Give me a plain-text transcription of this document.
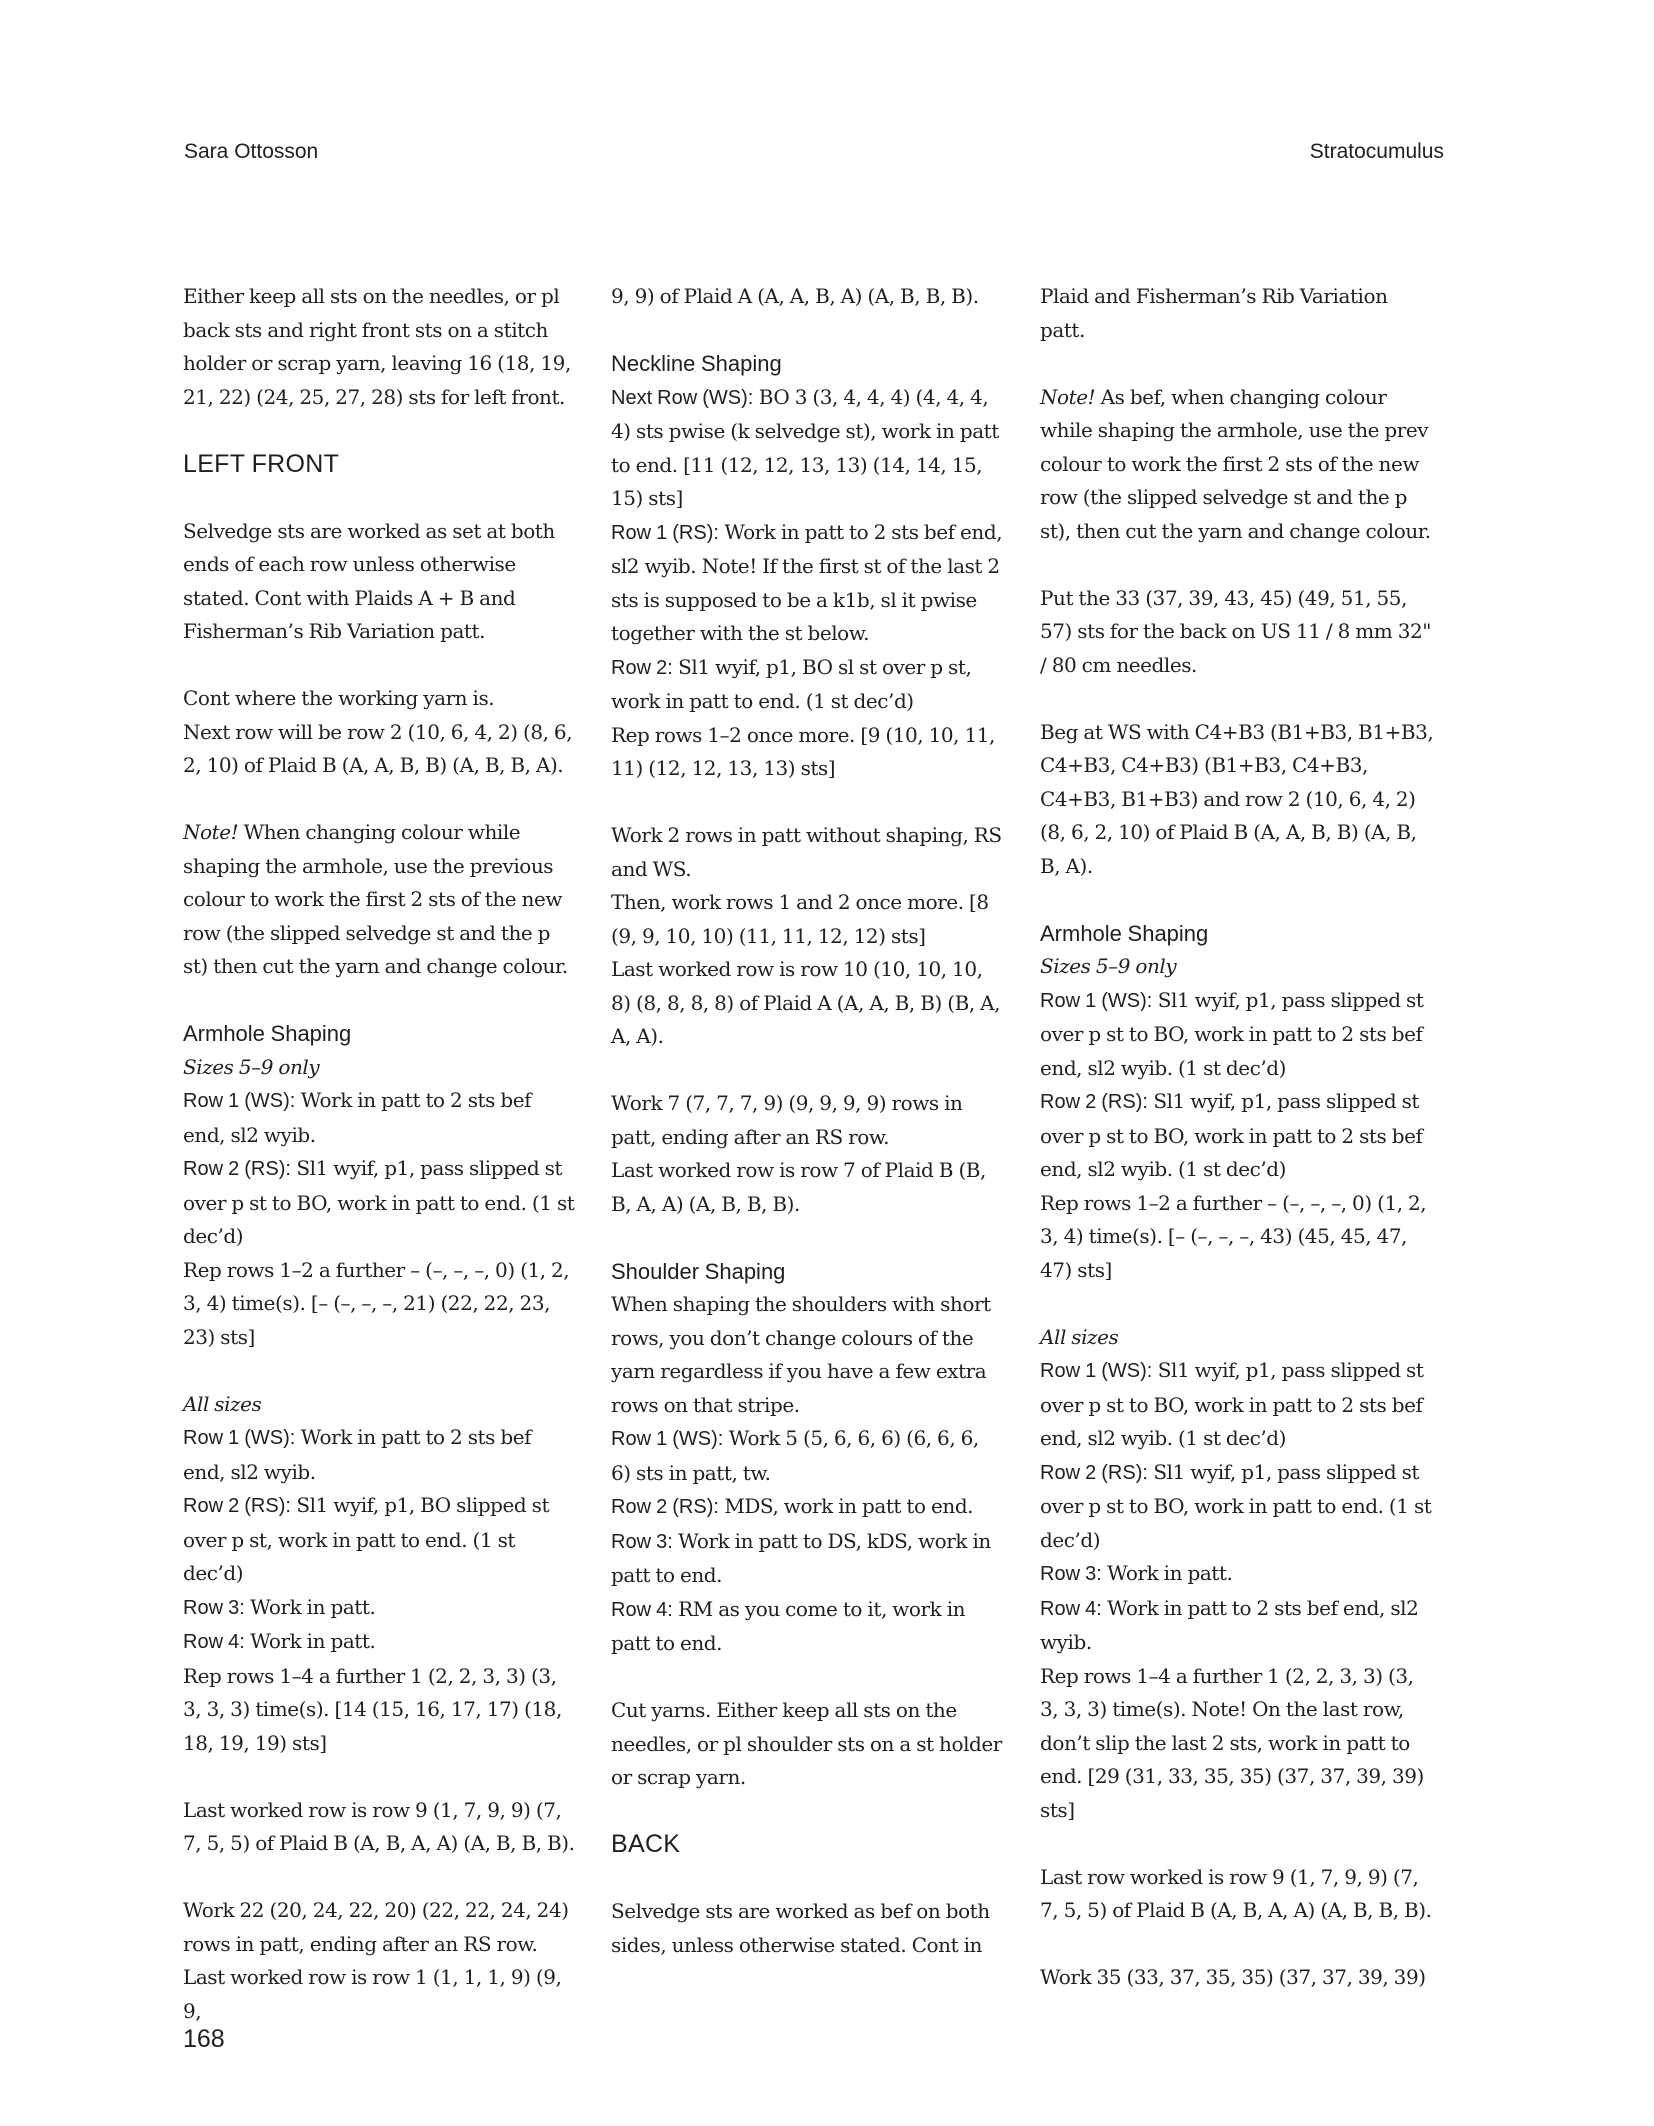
Sara Ottosson	Stratocumulus

Either keep all sts on the needles, or pl back sts and right front sts on a stitch holder or scrap yarn, leaving 16 (18, 19, 21, 22) (24, 25, 27, 28) sts for left front.

LEFT FRONT

Selvedge sts are worked as set at both ends of each row unless otherwise stated. Cont with Plaids A + B and Fisherman’s Rib Variation patt.

Cont where the working yarn is.

Next row will be row 2 (10, 6, 4, 2) (8, 6, 2, 10) of Plaid B (A, A, B, B) (A, B, B, A).

Note! When changing colour while shaping the armhole, use the previous colour to work the first 2 sts of the new row (the slipped selvedge st and the p st) then cut the yarn and change colour.

Armhole Shaping

Sizes 5–9 only

Row 1 (WS): Work in patt to 2 sts bef end, sl2 wyib.

Row 2 (RS): Sl1 wyif, p1, pass slipped st over p st to BO, work in patt to end. (1 st dec’d)

Rep rows 1–2 a further – (–, –, –, 0) (1, 2, 3, 4) time(s). [– (–, –, –, 21) (22, 22, 23, 23) sts]

All sizes

Row 1 (WS): Work in patt to 2 sts bef end, sl2 wyib.

Row 2 (RS): Sl1 wyif, p1, BO slipped st over p st, work in patt to end. (1 st dec’d)

Row 3: Work in patt.

Row 4: Work in patt.

Rep rows 1–4 a further 1 (2, 2, 3, 3) (3, 3, 3, 3) time(s). [14 (15, 16, 17, 17) (18, 18, 19, 19) sts]

Last worked row is row 9 (1, 7, 9, 9) (7, 7, 5, 5) of Plaid B (A, B, A, A) (A, B, B, B).

Work 22 (20, 24, 22, 20) (22, 22, 24, 24) rows in patt, ending after an RS row.

Last worked row is row 1 (1, 1, 1, 9) (9, 9,

9, 9) of Plaid A (A, A, B, A) (A, B, B, B).

Neckline Shaping

Next Row (WS): BO 3 (3, 4, 4, 4) (4, 4, 4, 4) sts pwise (k selvedge st), work in patt to end. [11 (12, 12, 13, 13) (14, 14, 15, 15) sts]

Row 1 (RS): Work in patt to 2 sts bef end, sl2 wyib. Note! If the first st of the last 2 sts is supposed to be a k1b, sl it pwise together with the st below.

Row 2: Sl1 wyif, p1, BO sl st over p st, work in patt to end. (1 st dec’d)

Rep rows 1–2 once more. [9 (10, 10, 11, 11) (12, 12, 13, 13) sts]

Work 2 rows in patt without shaping, RS and WS.

Then, work rows 1 and 2 once more. [8 (9, 9, 10, 10) (11, 11, 12, 12) sts]

Last worked row is row 10 (10, 10, 10, 8) (8, 8, 8, 8) of Plaid A (A, A, B, B) (B, A, A, A).

Work 7 (7, 7, 7, 9) (9, 9, 9, 9) rows in patt, ending after an RS row.

Last worked row is row 7 of Plaid B (B, B, A, A) (A, B, B, B).

Shoulder Shaping

When shaping the shoulders with short rows, you don’t change colours of the yarn regardless if you have a few extra rows on that stripe.

Row 1 (WS): Work 5 (5, 6, 6, 6) (6, 6, 6, 6) sts in patt, tw.

Row 2 (RS): MDS, work in patt to end.

Row 3: Work in patt to DS, kDS, work in patt to end.

Row 4: RM as you come to it, work in patt to end.

Cut yarns. Either keep all sts on the needles, or pl shoulder sts on a st holder or scrap yarn.

BACK

Selvedge sts are worked as bef on both sides, unless otherwise stated. Cont in

Plaid and Fisherman’s Rib Variation patt.

Note! As bef, when changing colour while shaping the armhole, use the prev colour to work the first 2 sts of the new row (the slipped selvedge st and the p st), then cut the yarn and change colour.

Put the 33 (37, 39, 43, 45) (49, 51, 55, 57) sts for the back on US 11 / 8 mm 32" / 80 cm needles.

Beg at WS with C4+B3 (B1+B3, B1+B3, C4+B3, C4+B3) (B1+B3, C4+B3, C4+B3, B1+B3) and row 2 (10, 6, 4, 2) (8, 6, 2, 10) of Plaid B (A, A, B, B) (A, B, B, A).

Armhole Shaping

Sizes 5–9 only

Row 1 (WS): Sl1 wyif, p1, pass slipped st over p st to BO, work in patt to 2 sts bef end, sl2 wyib. (1 st dec’d)

Row 2 (RS): Sl1 wyif, p1, pass slipped st over p st to BO, work in patt to 2 sts bef end, sl2 wyib. (1 st dec’d)

Rep rows 1–2 a further – (–, –, –, 0) (1, 2, 3, 4) time(s). [– (–, –, –, 43) (45, 45, 47, 47) sts]

All sizes

Row 1 (WS): Sl1 wyif, p1, pass slipped st over p st to BO, work in patt to 2 sts bef end, sl2 wyib. (1 st dec’d)

Row 2 (RS): Sl1 wyif, p1, pass slipped st over p st to BO, work in patt to end. (1 st dec’d)

Row 3: Work in patt.

Row 4: Work in patt to 2 sts bef end, sl2 wyib.

Rep rows 1–4 a further 1 (2, 2, 3, 3) (3, 3, 3, 3) time(s). Note! On the last row, don’t slip the last 2 sts, work in patt to end. [29 (31, 33, 35, 35) (37, 37, 39, 39) sts]

Last row worked is row 9 (1, 7, 9, 9) (7, 7, 5, 5) of Plaid B (A, B, A, A) (A, B, B, B).

Work 35 (33, 37, 35, 35) (37, 37, 39, 39)

168
